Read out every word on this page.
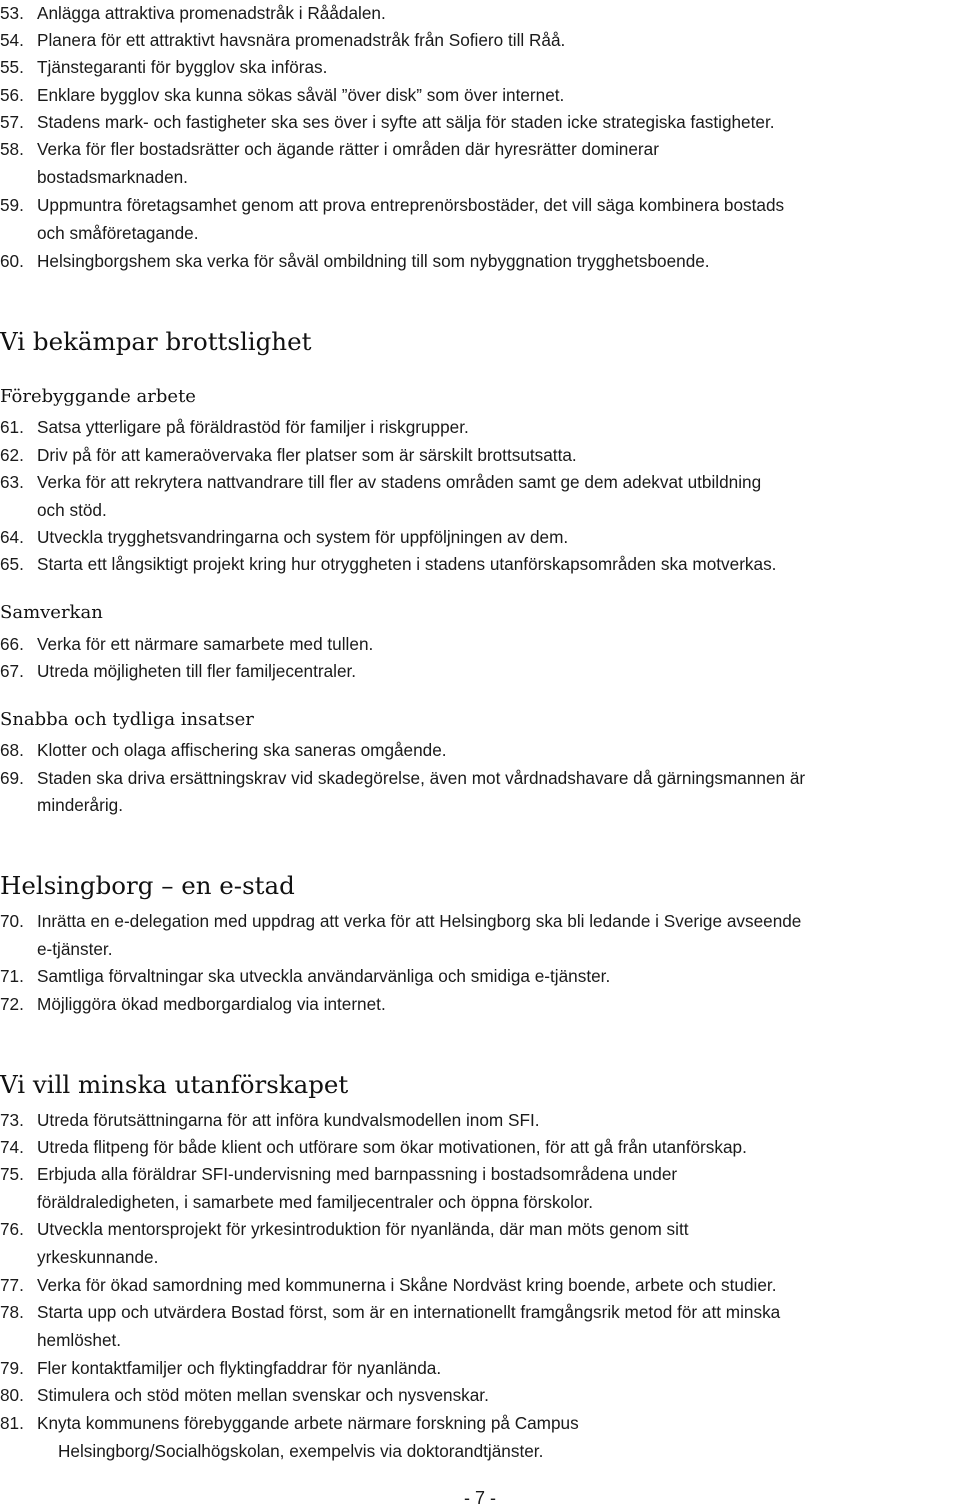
53. Anlägga attraktiva promenadstråk i Råådalen.
54. Planera för ett attraktivt havsnära promenadstråk från Sofiero till Råå.
55. Tjänstegaranti för bygglov ska införas.
56. Enklare bygglov ska kunna sökas såväl ”över disk” som över internet.
57. Stadens mark- och fastigheter ska ses över i syfte att sälja för staden icke strategiska fastigheter.
58. Verka för fler bostadsrätter och ägande rätter i områden där hyresrätter dominerar
bostadsmarknaden.
59. Uppmuntra företagsamhet genom att prova entreprenörsbostäder, det vill säga kombinera bostads
och småföretagande.
60. Helsingborgshem ska verka för såväl ombildning till som nybyggnation trygghetsboende.
Vi bekämpar brottslighet
Förebyggande arbete
61. Satsa ytterligare på föräldrastöd för familjer i riskgrupper.
62. Driv på för att kameraövervaka fler platser som är särskilt brottsutsatta.
63. Verka för att rekrytera nattvandrare till fler av stadens områden samt ge dem adekvat utbildning
och stöd.
64. Utveckla trygghetsvandringarna och system för uppföljningen av dem.
65. Starta ett långsiktigt projekt kring hur otryggheten i stadens utanförskapsområden ska motverkas.
Samverkan
66. Verka för ett närmare samarbete med tullen.
67. Utreda möjligheten till fler familjecentraler.
Snabba och tydliga insatser
68. Klotter och olaga affischering ska saneras omgående.
69. Staden ska driva ersättningskrav vid skadegörelse, även mot vårdnadshavare då gärningsmannen är
minderårig.
Helsingborg – en e-stad
70. Inrätta en e-delegation med uppdrag att verka för att Helsingborg ska bli ledande i Sverige avseende
e-tjänster.
71. Samtliga förvaltningar ska utveckla användarvänliga och smidiga e-tjänster.
72. Möjliggöra ökad medborgardialog via internet.
Vi vill minska utanförskapet
73. Utreda förutsättningarna för att införa kundvalsmodellen inom SFI.
74. Utreda flitpeng för både klient och utförare som ökar motivationen, för att gå från utanförskap.
75. Erbjuda alla föräldrar SFI-undervisning med barnpassning i bostadsområdena under
föräldraledigheten, i samarbete med familjecentraler och öppna förskolor.
76. Utveckla mentorsprojekt för yrkesintroduktion för nyanlända, där man möts genom sitt
yrkeskunnande.
77. Verka för ökad samordning med kommunerna i Skåne Nordväst kring boende, arbete och studier.
78. Starta upp och utvärdera Bostad först, som är en internationellt framgångsrik metod för att minska
hemlöshet.
79. Fler kontaktfamiljer och flyktingfaddrar för nyanlända.
80. Stimulera och stöd möten mellan svenskar och nysvenskar.
81. Knyta kommunens förebyggande arbete närmare forskning på Campus
Helsingborg/Socialhögskolan, exempelvis via doktorandtjänster.
- 7 -
